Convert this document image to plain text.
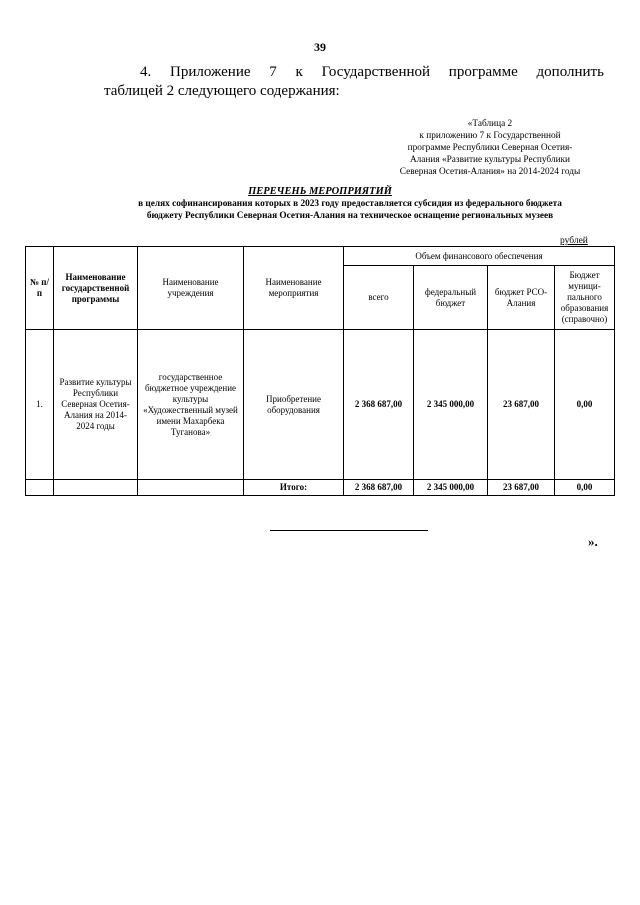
39
4. Приложение 7 к Государственной программе дополнить
таблицей 2 следующего содержания:
«Таблица 2
к приложению 7 к Государственной
программе Республики Северная Осетия-
Алания «Развитие культуры Республики
Северная Осетия-Алания» на 2014-2024 годы
ПЕРЕЧЕНЬ МЕРОПРИЯТИЙ
в целях софинансирования которых в 2023 году предоставляется субсидия из федерального бюджета
бюджету Республики Северная Осетия-Алания на техническое оснащение региональных музеев
рублей
№ п/п	Наименование государственной программы	Наименование учреждения	Наименование мероприятия	Объем финансового обеспечения			
				всего	федеральный бюджет	бюджет РСО-Алания	Бюджет муници-пального образования (справочно)
1.	Развитие культуры Республики Северная Осетия-Алания на 2014-2024 годы	государственное бюджетное учреждение культуры «Художественный музей имени Махарбека Туганова»	Приобретение оборудования	2 368 687,00	2 345 000,00	23 687,00	0,00
			Итого:	2 368 687,00	2 345 000,00	23 687,00	0,00
».
